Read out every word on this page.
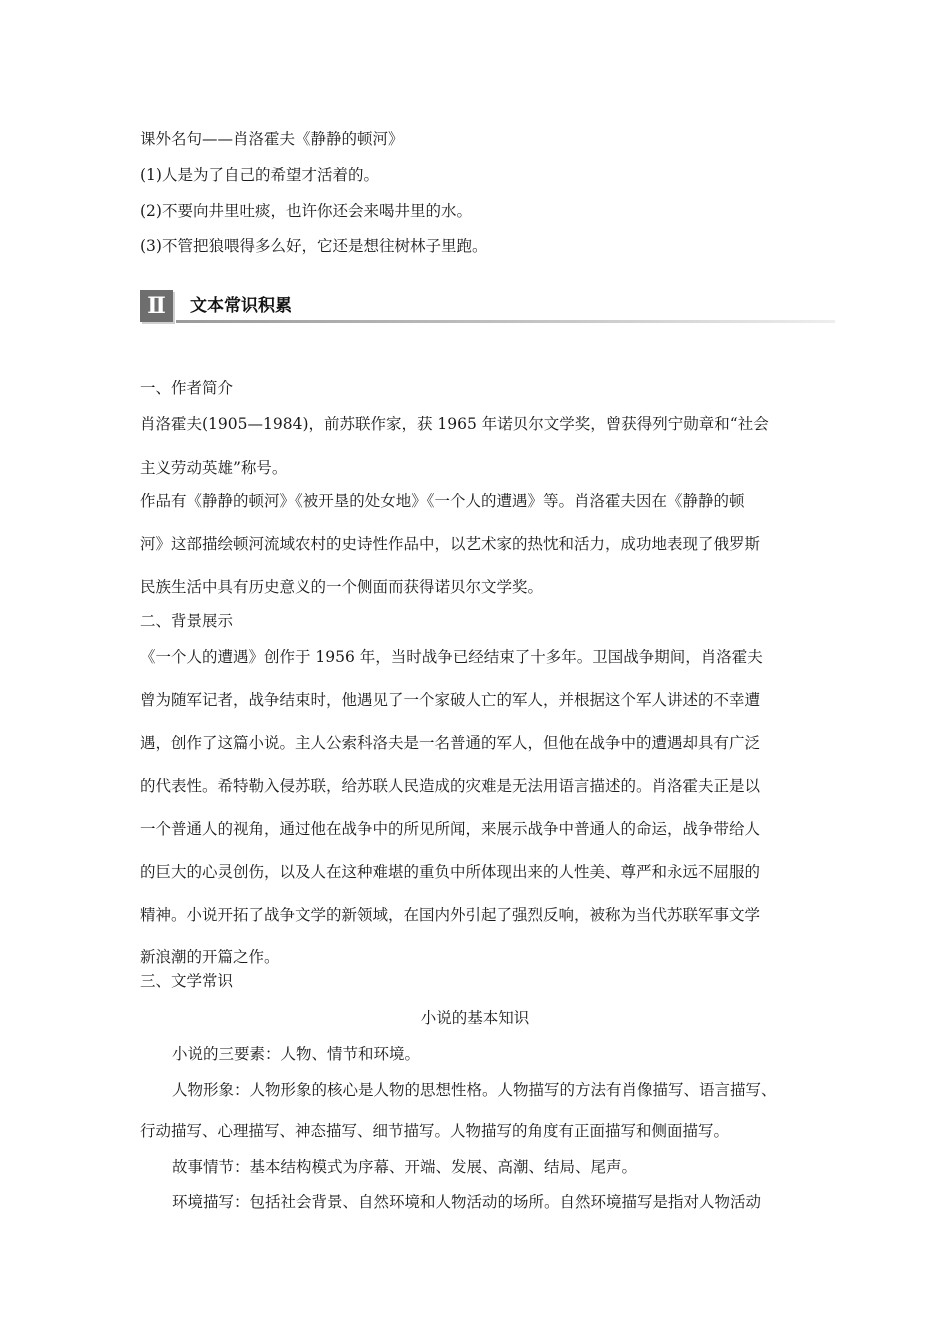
课外名句——肖洛霍夫《静静的顿河》
(1)人是为了自己的希望才活着的。
(2)不要向井里吐痰，也许你还会来喝井里的水。
(3)不管把狼喂得多么好，它还是想往树林子里跑。
Ⅱ	文本常识积累
一、作者简介
肖洛霍夫(1905—1984)，前苏联作家，获 1965 年诺贝尔文学奖，曾获得列宁勋章和“社会
主义劳动英雄”称号。
作品有《静静的顿河》《被开垦的处女地》《一个人的遭遇》等。肖洛霍夫因在《静静的顿
河》这部描绘顿河流域农村的史诗性作品中，以艺术家的热忱和活力，成功地表现了俄罗斯
民族生活中具有历史意义的一个侧面而获得诺贝尔文学奖。
二、背景展示
《一个人的遭遇》创作于 1956 年，当时战争已经结束了十多年。卫国战争期间，肖洛霍夫
曾为随军记者，战争结束时，他遇见了一个家破人亡的军人，并根据这个军人讲述的不幸遭
遇，创作了这篇小说。主人公索科洛夫是一名普通的军人，但他在战争中的遭遇却具有广泛
的代表性。希特勒入侵苏联，给苏联人民造成的灾难是无法用语言描述的。肖洛霍夫正是以
一个普通人的视角，通过他在战争中的所见所闻，来展示战争中普通人的命运，战争带给人
的巨大的心灵创伤，以及人在这种难堪的重负中所体现出来的人性美、尊严和永远不屈服的
精神。小说开拓了战争文学的新领域，在国内外引起了强烈反响，被称为当代苏联军事文学
新浪潮的开篇之作。
三、文学常识
小说的基本知识
小说的三要素：人物、情节和环境。
人物形象：人物形象的核心是人物的思想性格。人物描写的方法有肖像描写、语言描写、
行动描写、心理描写、神态描写、细节描写。人物描写的角度有正面描写和侧面描写。
故事情节：基本结构模式为序幕、开端、发展、高潮、结局、尾声。
环境描写：包括社会背景、自然环境和人物活动的场所。自然环境描写是指对人物活动
